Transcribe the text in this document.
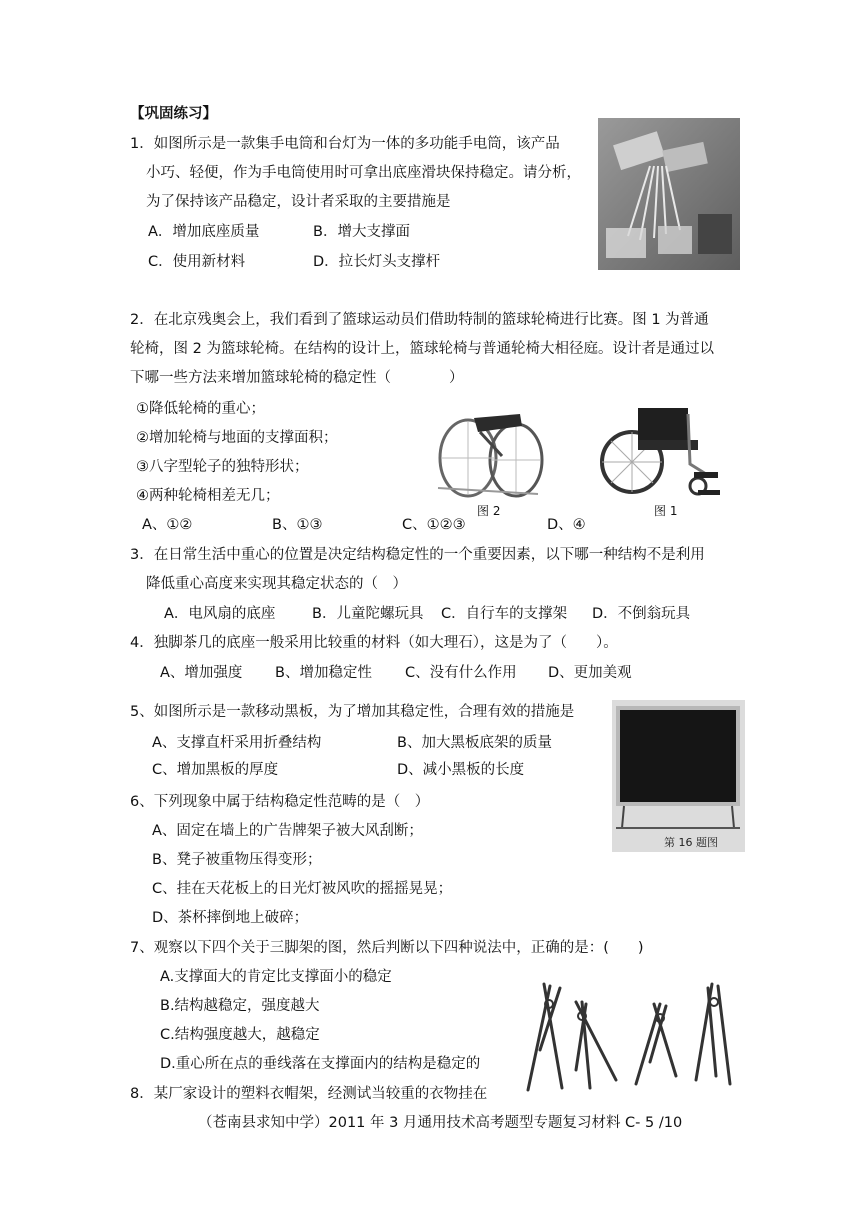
【巩固练习】
1．如图所示是一款集手电筒和台灯为一体的多功能手电筒，该产品
小巧、轻便，作为手电筒使用时可拿出底座滑块保持稳定。请分析，
为了保持该产品稳定，设计者采取的主要措施是
A．增加底座质量	B．增大支撑面
C．使用新材料	D．拉长灯头支撑杆
2．在北京残奥会上，我们看到了篮球运动员们借助特制的篮球轮椅进行比赛。图 1 为普通
轮椅，图 2 为篮球轮椅。在结构的设计上，篮球轮椅与普通轮椅大相径庭。设计者是通过以
下哪一些方法来增加篮球轮椅的稳定性（　　　　）
①降低轮椅的重心；
②增加轮椅与地面的支撑面积；
③八字型轮子的独特形状；
④两种轮椅相差无几；
A、①②	B、①③	C、①②③	D、④
图 2	图 1
3．在日常生活中重心的位置是决定结构稳定性的一个重要因素，以下哪一种结构不是利用
降低重心高度来实现其稳定状态的（　）
A．电风扇的底座	B．儿童陀螺玩具 C．自行车的支撑架 D．不倒翁玩具
4．独脚茶几的底座一般采用比较重的材料（如大理石），这是为了（　　）。
A、增加强度 B、增加稳定性 C、没有什么作用 D、更加美观
5、如图所示是一款移动黑板，为了增加其稳定性，合理有效的措施是
A、支撑直杆采用折叠结构	B、加大黑板底架的质量
C、增加黑板的厚度	D、减小黑板的长度
第 16 题图
6、下列现象中属于结构稳定性范畴的是（　）
A、固定在墙上的广告牌架子被大风刮断；
B、凳子被重物压得变形；
C、挂在天花板上的日光灯被风吹的摇摇晃晃；
D、茶杯摔倒地上破碎；
7、观察以下四个关于三脚架的图，然后判断以下四种说法中，正确的是：(　　)
A.支撑面大的肯定比支撑面小的稳定
B.结构越稳定，强度越大
C.结构强度越大，越稳定
D.重心所在点的垂线落在支撑面内的结构是稳定的
8．某厂家设计的塑料衣帽架，经测试当较重的衣物挂在
（苍南县求知中学）2011 年 3 月通用技术高考题型专题复习材料 C- 5 /10
